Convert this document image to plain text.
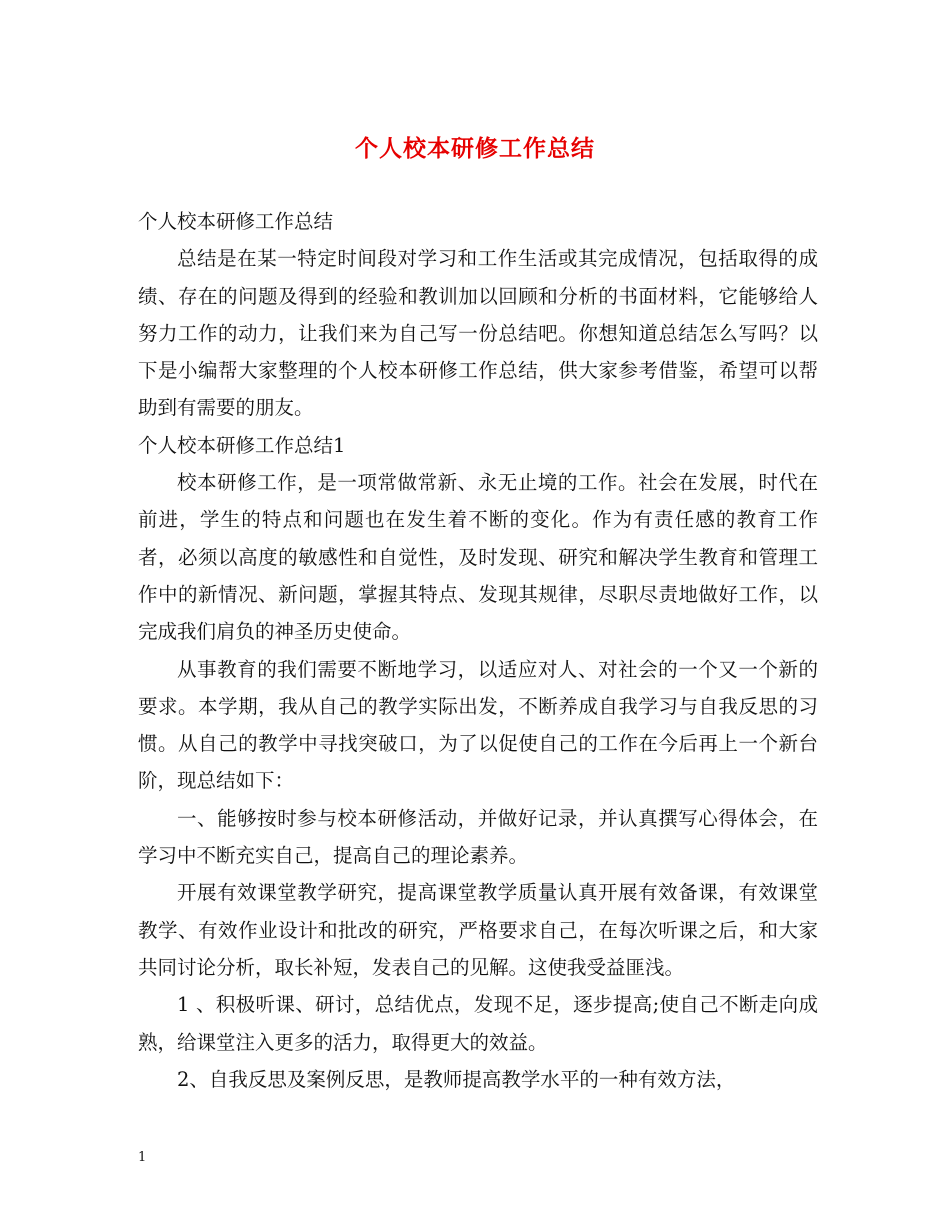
个人校本研修工作总结

个人校本研修工作总结

总结是在某一特定时间段对学习和工作生活或其完成情况，包括取得的成绩、存在的问题及得到的经验和教训加以回顾和分析的书面材料，它能够给人努力工作的动力，让我们来为自己写一份总结吧。你想知道总结怎么写吗？以下是小编帮大家整理的个人校本研修工作总结，供大家参考借鉴，希望可以帮助到有需要的朋友。

个人校本研修工作总结1

校本研修工作，是一项常做常新、永无止境的工作。社会在发展，时代在前进，学生的特点和问题也在发生着不断的变化。作为有责任感的教育工作者，必须以高度的敏感性和自觉性，及时发现、研究和解决学生教育和管理工作中的新情况、新问题，掌握其特点、发现其规律，尽职尽责地做好工作，以完成我们肩负的神圣历史使命。

从事教育的我们需要不断地学习，以适应对人、对社会的一个又一个新的要求。本学期，我从自己的教学实际出发，不断养成自我学习与自我反思的习惯。从自己的教学中寻找突破口，为了以促使自己的工作在今后再上一个新台阶，现总结如下：

一、能够按时参与校本研修活动，并做好记录，并认真撰写心得体会，在学习中不断充实自己，提高自己的理论素养。

开展有效课堂教学研究，提高课堂教学质量认真开展有效备课，有效课堂教学、有效作业设计和批改的研究，严格要求自己，在每次听课之后，和大家共同讨论分析，取长补短，发表自己的见解。这使我受益匪浅。

1 、积极听课、研讨，总结优点，发现不足，逐步提高;使自己不断走向成熟，给课堂注入更多的活力，取得更大的效益。

2、自我反思及案例反思，是教师提高教学水平的一种有效方法，

1
